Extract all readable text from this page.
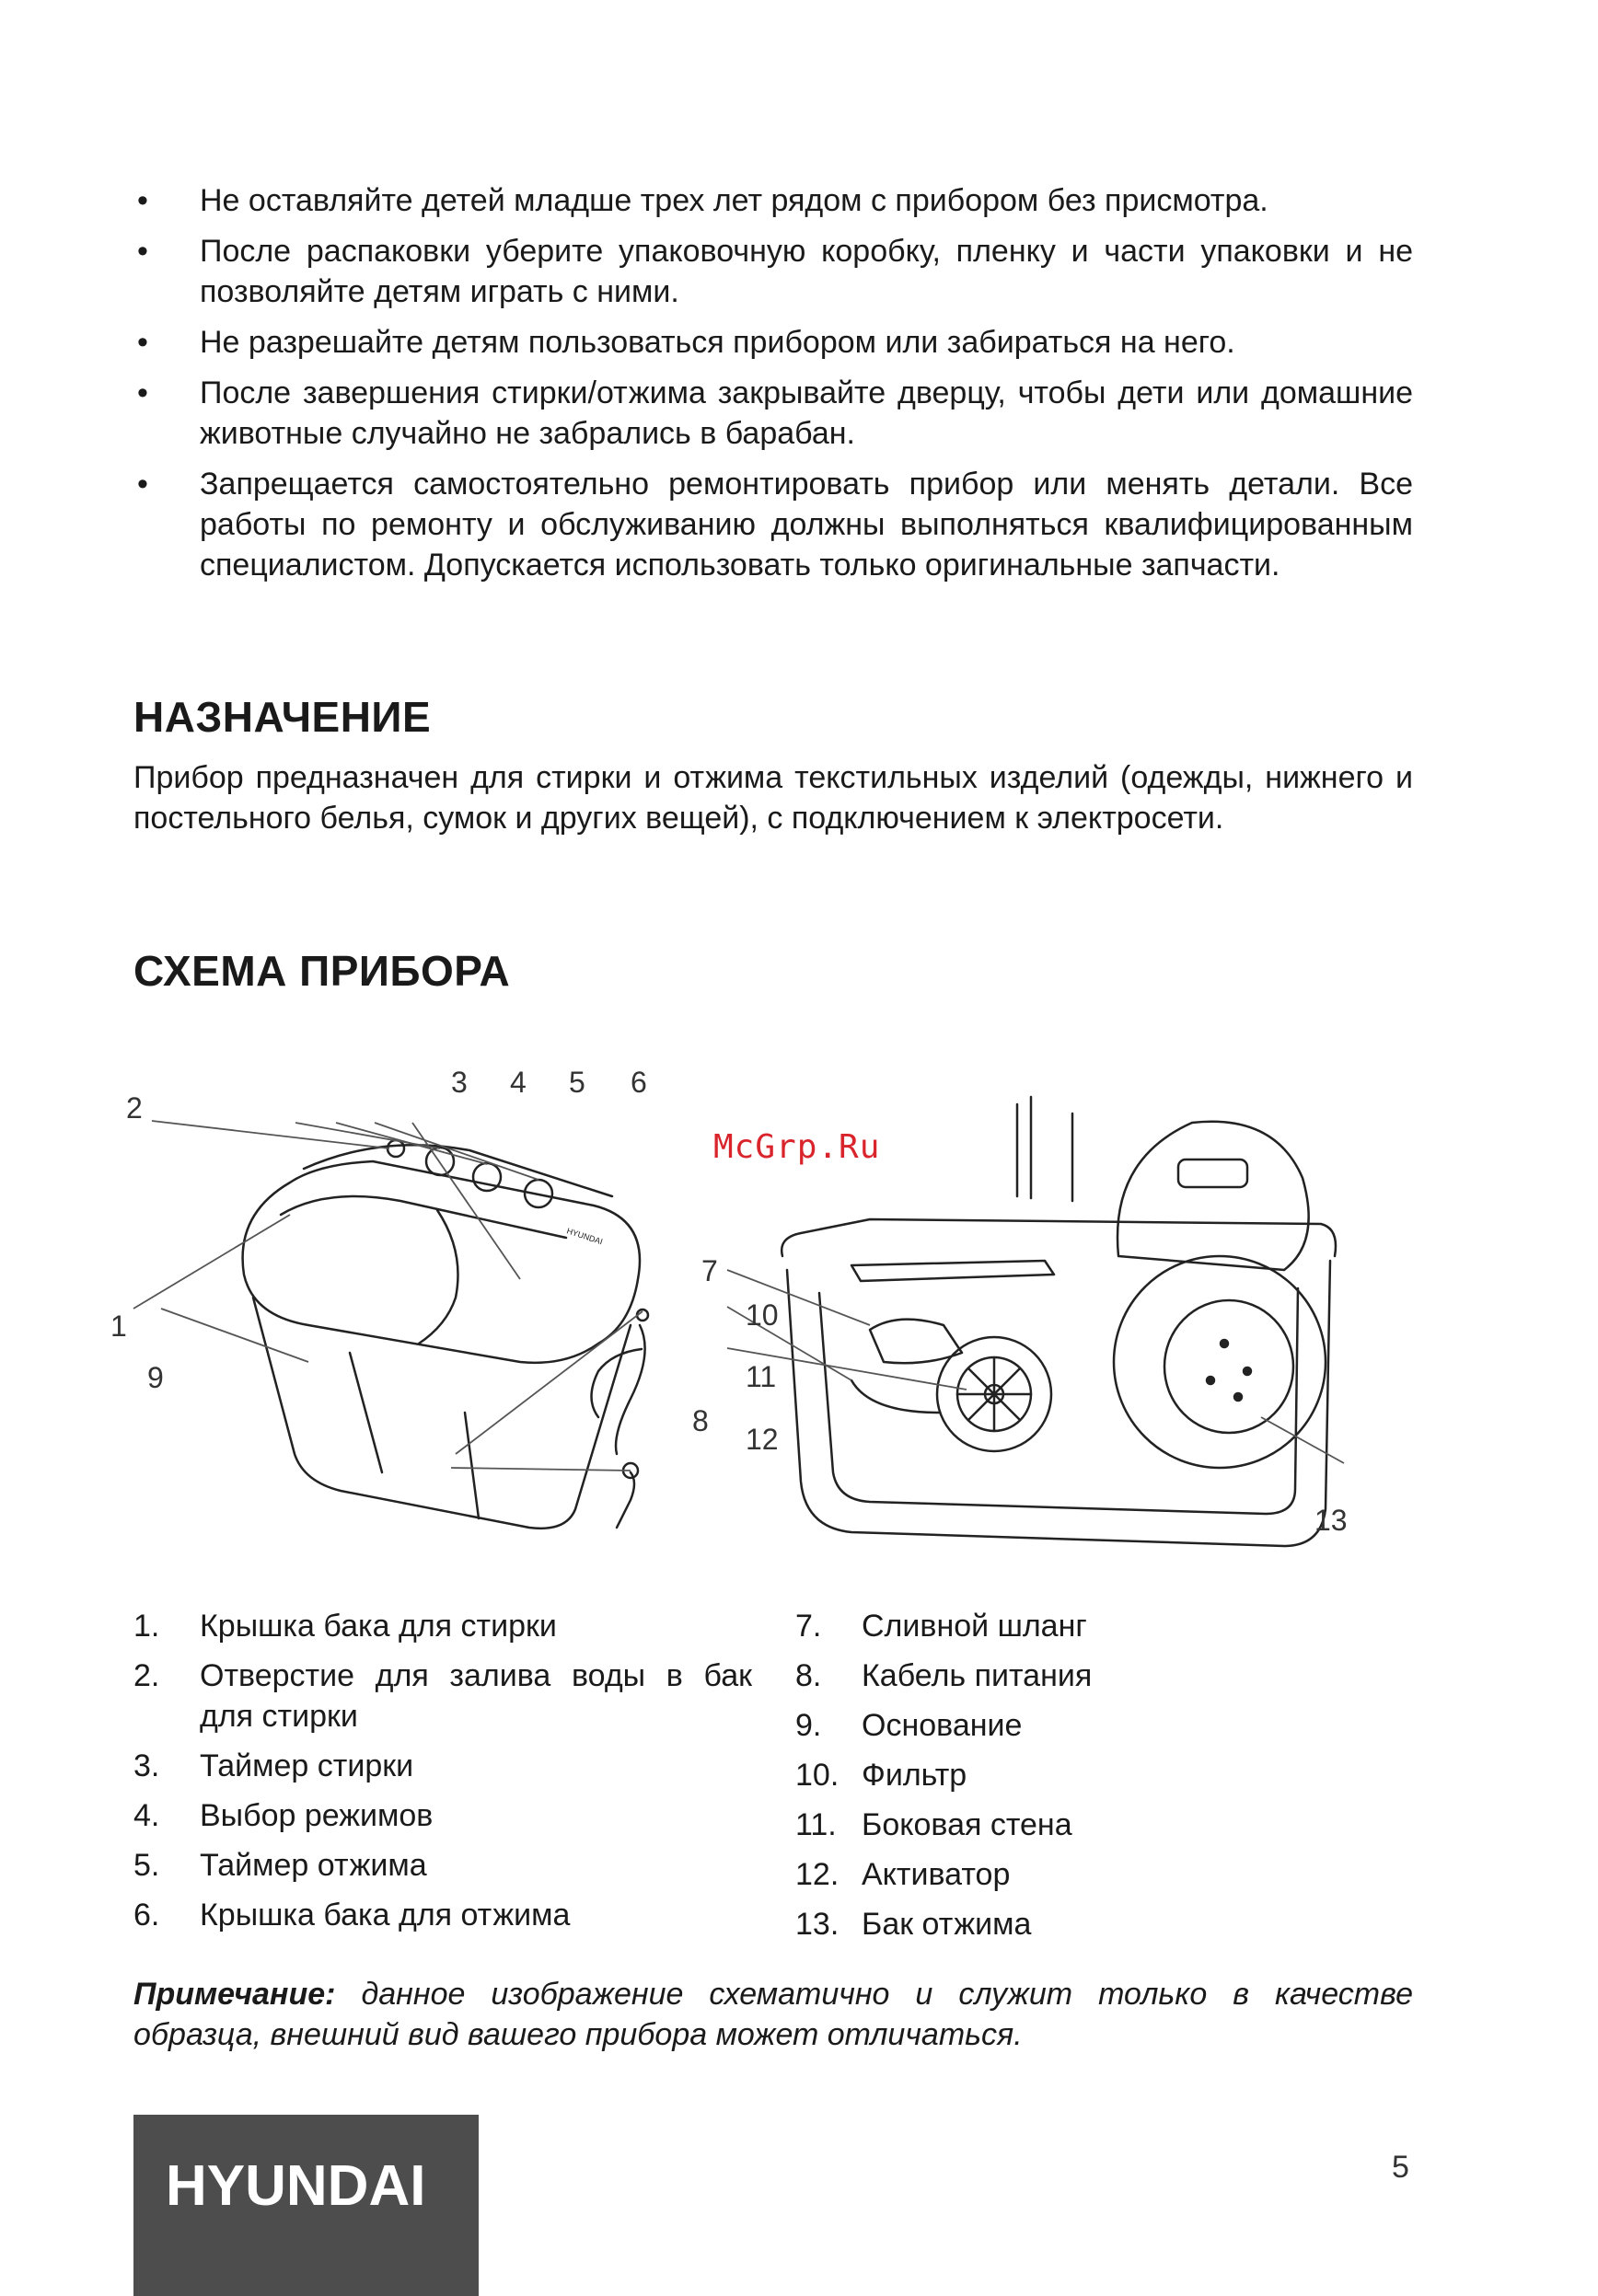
• Не оставляйте детей младше трех лет рядом с прибором без присмотра.
• После распаковки уберите упаковочную коробку, пленку и части упаковки и не позволяйте детям играть с ними.
• Не разрешайте детям пользоваться прибором или забираться на него.
• После завершения стирки/отжима закрывайте дверцу, чтобы дети или домашние животные случайно не забрались в барабан.
• Запрещается самостоятельно ремонтировать прибор или менять детали. Все работы по ремонту и обслуживанию должны выполняться квалифицированным специалистом. Допускается использовать только оригинальные запчасти.
НАЗНАЧЕНИЕ

Прибор предназначен для стирки и отжима текстильных изделий (одежды, нижнего и постельного белья, сумок и других вещей), с подключением к электросети.

СХЕМА ПРИБОРА
HYUNDAI
2
3 4 5 6
1
9
7
8
10
11
12
13
McGrp.Ru
1. Крышка бака для стирки
2. Отверстие для залива воды в бак для стирки
3. Таймер стирки
4. Выбор режимов
5. Таймер отжима
6. Крышка бака для отжима
7. Сливной шланг
8. Кабель питания
9. Основание
10. Фильтр
11. Боковая стена
12. Активатор
13. Бак отжима

Примечание: данное изображение схематично и служит только в качестве образца, внешний вид вашего прибора может отличаться.

HYUNDAI	5
